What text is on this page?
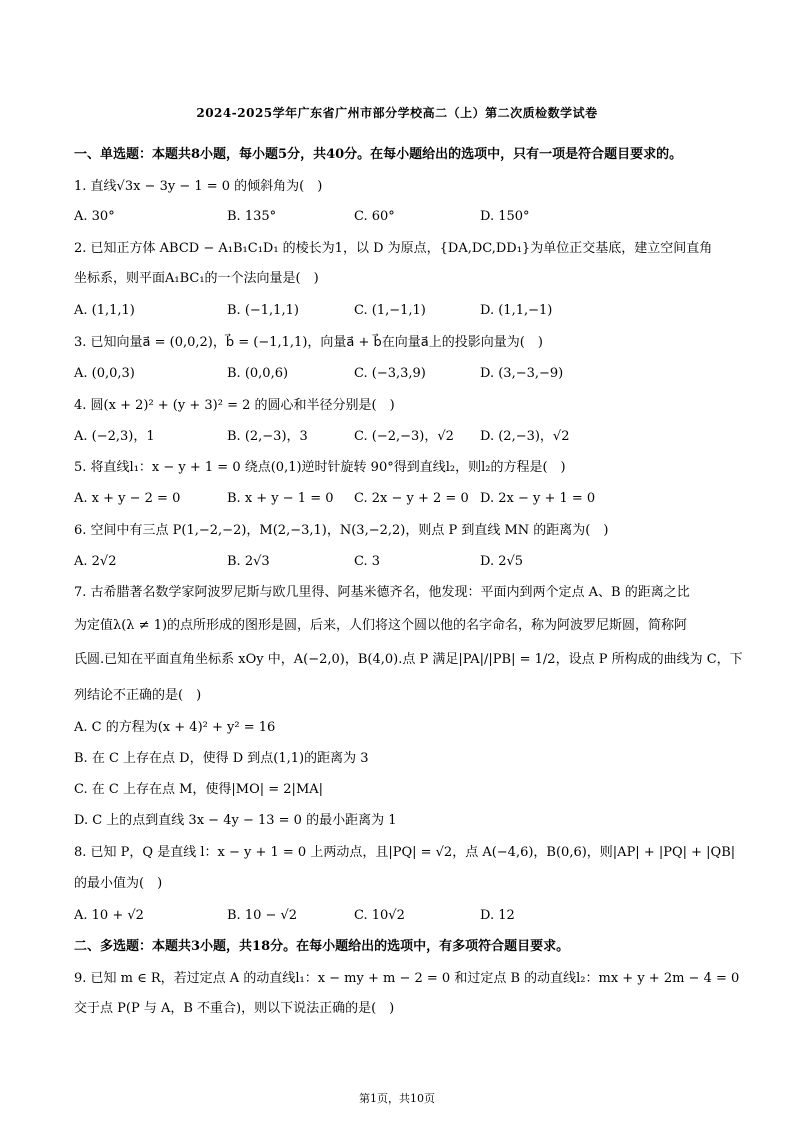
2024-2025学年广东省广州市部分学校高二（上）第二次质检数学试卷
一、单选题：本题共8小题，每小题5分，共40分。在每小题给出的选项中，只有一项是符合题目要求的。
1. 直线√3x − 3y − 1 = 0 的倾斜角为(　)
A. 30°	B. 135°	C. 60°	D. 150°
2. 已知正方体 ABCD − A₁B₁C₁D₁ 的棱长为1，以 D 为原点，{DA,DC,DD₁}为单位正交基底，建立空间直角
坐标系，则平面A₁BC₁的一个法向量是(　)
A. (1,1,1)	B. (−1,1,1)	C. (1,−1,1)	D. (1,1,−1)
3. 已知向量a⃗ = (0,0,2)，b⃗ = (−1,1,1)，向量a⃗ + b⃗在向量a⃗上的投影向量为(　)
A. (0,0,3)	B. (0,0,6)	C. (−3,3,9)	D. (3,−3,−9)
4. 圆(x + 2)² + (y + 3)² = 2 的圆心和半径分别是(　)
A. (−2,3)，1	B. (2,−3)，3	C. (−2,−3)，√2 D. (2,−3)，√2
5. 将直线l₁：x − y + 1 = 0 绕点(0,1)逆时针旋转 90°得到直线l₂，则l₂的方程是(　)
A. x + y − 2 = 0	B. x + y − 1 = 0 C. 2x − y + 2 = 0 D. 2x − y + 1 = 0
6. 空间中有三点 P(1,−2,−2)，M(2,−3,1)，N(3,−2,2)，则点 P 到直线 MN 的距离为(　)
A. 2√2	B. 2√3	C. 3	D. 2√5
7. 古希腊著名数学家阿波罗尼斯与欧几里得、阿基米德齐名，他发现：平面内到两个定点 A、B 的距离之比
为定值λ(λ ≠ 1)的点所形成的图形是圆，后来，人们将这个圆以他的名字命名，称为阿波罗尼斯圆，简称阿
氏圆.已知在平面直角坐标系 xOy 中，A(−2,0)，B(4,0).点 P 满足|PA|/|PB| = 1/2，设点 P 所构成的曲线为 C，下
列结论不正确的是(　)
A. C 的方程为(x + 4)² + y² = 16
B. 在 C 上存在点 D，使得 D 到点(1,1)的距离为 3
C. 在 C 上存在点 M，使得|MO| = 2|MA|
D. C 上的点到直线 3x − 4y − 13 = 0 的最小距离为 1
8. 已知 P，Q 是直线 l：x − y + 1 = 0 上两动点，且|PQ| = √2，点 A(−4,6)，B(0,6)，则|AP| + |PQ| + |QB|
的最小值为(　)
A. 10 + √2	B. 10 − √2	C. 10√2	D. 12
二、多选题：本题共3小题，共18分。在每小题给出的选项中，有多项符合题目要求。
9. 已知 m ∈ R，若过定点 A 的动直线l₁：x − my + m − 2 = 0 和过定点 B 的动直线l₂：mx + y + 2m − 4 = 0
交于点 P(P 与 A，B 不重合)，则以下说法正确的是(　)
第1页，共10页
